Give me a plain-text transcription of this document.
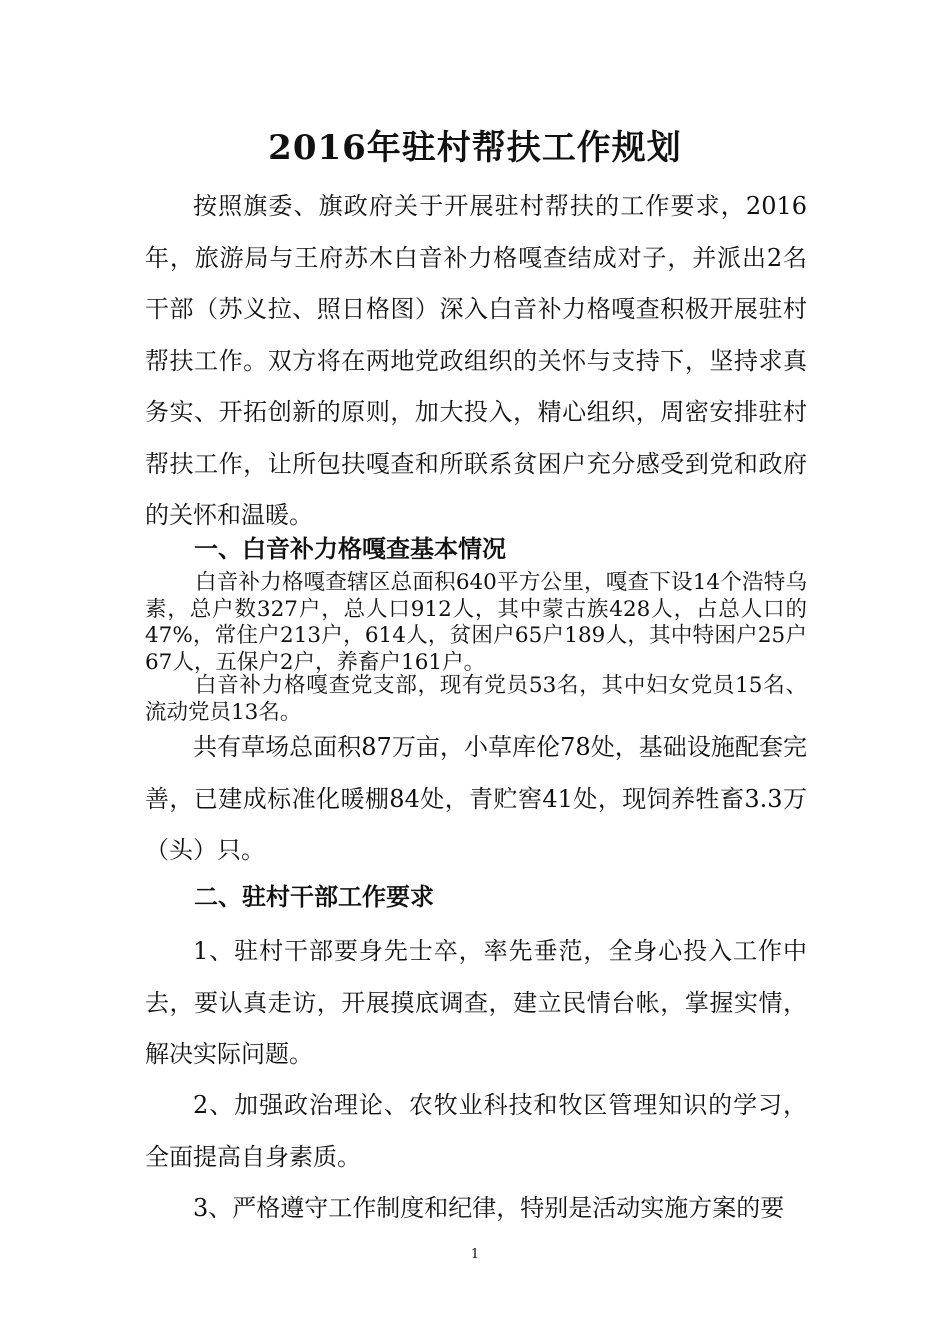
2016年驻村帮扶工作规划

按照旗委、旗政府关于开展驻村帮扶的工作要求，2016年，旅游局与王府苏木白音补力格嘎查结成对子，并派出2名干部（苏义拉、照日格图）深入白音补力格嘎查积极开展驻村帮扶工作。双方将在两地党政组织的关怀与支持下，坚持求真务实、开拓创新的原则，加大投入，精心组织，周密安排驻村帮扶工作，让所包扶嘎查和所联系贫困户充分感受到党和政府的关怀和温暖。

一、白音补力格嘎查基本情况

白音补力格嘎查辖区总面积640平方公里，嘎查下设14个浩特乌素，总户数327户，总人口912人，其中蒙古族428人，占总人口的47%，常住户213户，614人，贫困户65户189人，其中特困户25户67人，五保户2户，养畜户161户。

白音补力格嘎查党支部，现有党员53名，其中妇女党员15名、流动党员13名。

共有草场总面积87万亩，小草库伦78处，基础设施配套完善，已建成标准化暖棚84处，青贮窖41处，现饲养牲畜3.3万（头）只。

二、驻村干部工作要求

1、驻村干部要身先士卒，率先垂范，全身心投入工作中去，要认真走访，开展摸底调查，建立民情台帐，掌握实情，解决实际问题。

2、加强政治理论、农牧业科技和牧区管理知识的学习，全面提高自身素质。

3、严格遵守工作制度和纪律，特别是活动实施方案的要

1
